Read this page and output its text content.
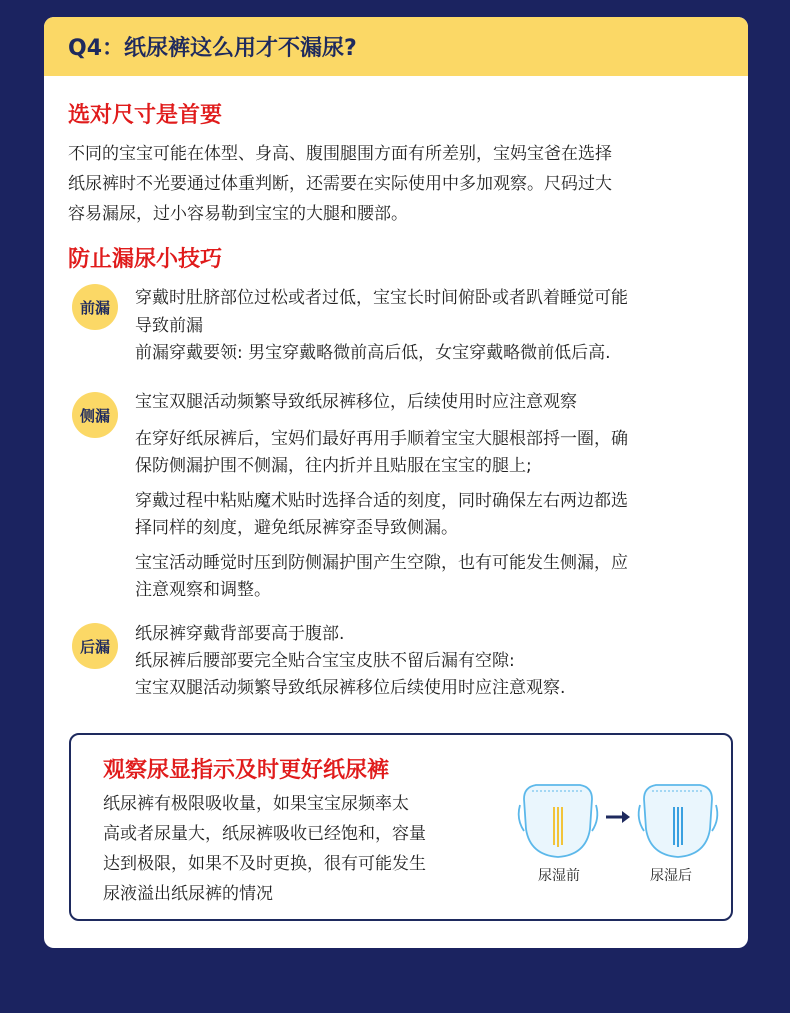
Q4：纸尿裤这么用才不漏尿?
选对尺寸是首要
不同的宝宝可能在体型、身高、腹围腿围方面有所差别，宝妈宝爸在选择
纸尿裤时不光要通过体重判断，还需要在实际使用中多加观察。尺码过大
容易漏尿，过小容易勒到宝宝的大腿和腰部。
防止漏尿小技巧
前漏	穿戴时肚脐部位过松或者过低，宝宝长时间俯卧或者趴着睡觉可能
导致前漏
前漏穿戴要领: 男宝穿戴略微前高后低，女宝穿戴略微前低后高.
侧漏
宝宝双腿活动频繁导致纸尿裤移位，后续使用时应注意观察
在穿好纸尿裤后，宝妈们最好再用手顺着宝宝大腿根部捋一圈，确
保防侧漏护围不侧漏，往内折并且贴服在宝宝的腿上;
穿戴过程中粘贴魔术贴时选择合适的刻度，同时确保左右两边都选
择同样的刻度，避免纸尿裤穿歪导致侧漏。
宝宝活动睡觉时压到防侧漏护围产生空隙，也有可能发生侧漏，应
注意观察和调整。
后漏
纸尿裤穿戴背部要高于腹部.
纸尿裤后腰部要完全贴合宝宝皮肤不留后漏有空隙:
宝宝双腿活动频繁导致纸尿裤移位后续使用时应注意观察.
观察尿显指示及时更好纸尿裤
纸尿裤有极限吸收量，如果宝宝尿频率太
高或者尿量大，纸尿裤吸收已经饱和，容量
达到极限，如果不及时更换，很有可能发生
尿液溢出纸尿裤的情况
尿湿前	尿湿后
